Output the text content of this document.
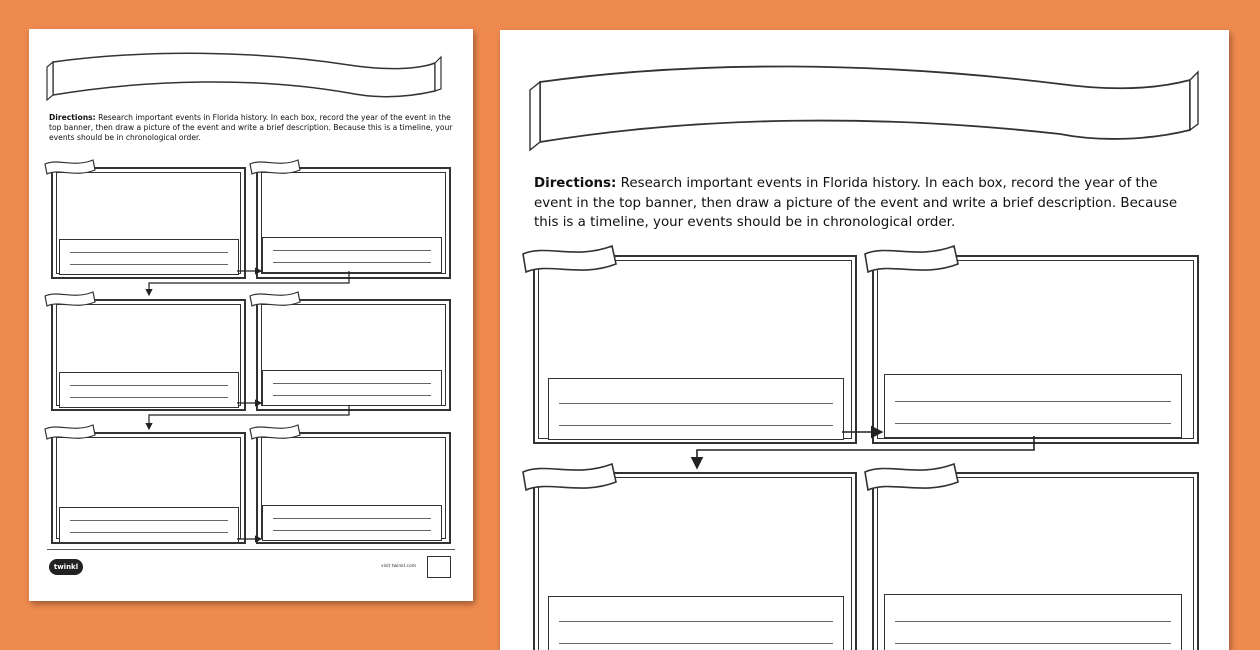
Directions: Research important events in Florida history. In each box, record the year of the event in the top banner, then draw a picture of the event and write a brief description. Because this is a timeline, your events should be in chronological order.
twinkl	visit twinkl.com
Directions: Research important events in Florida history. In each box, record the year of the
event in the top banner, then draw a picture of the event and write a brief description. Because
this is a timeline, your events should be in chronological order.
